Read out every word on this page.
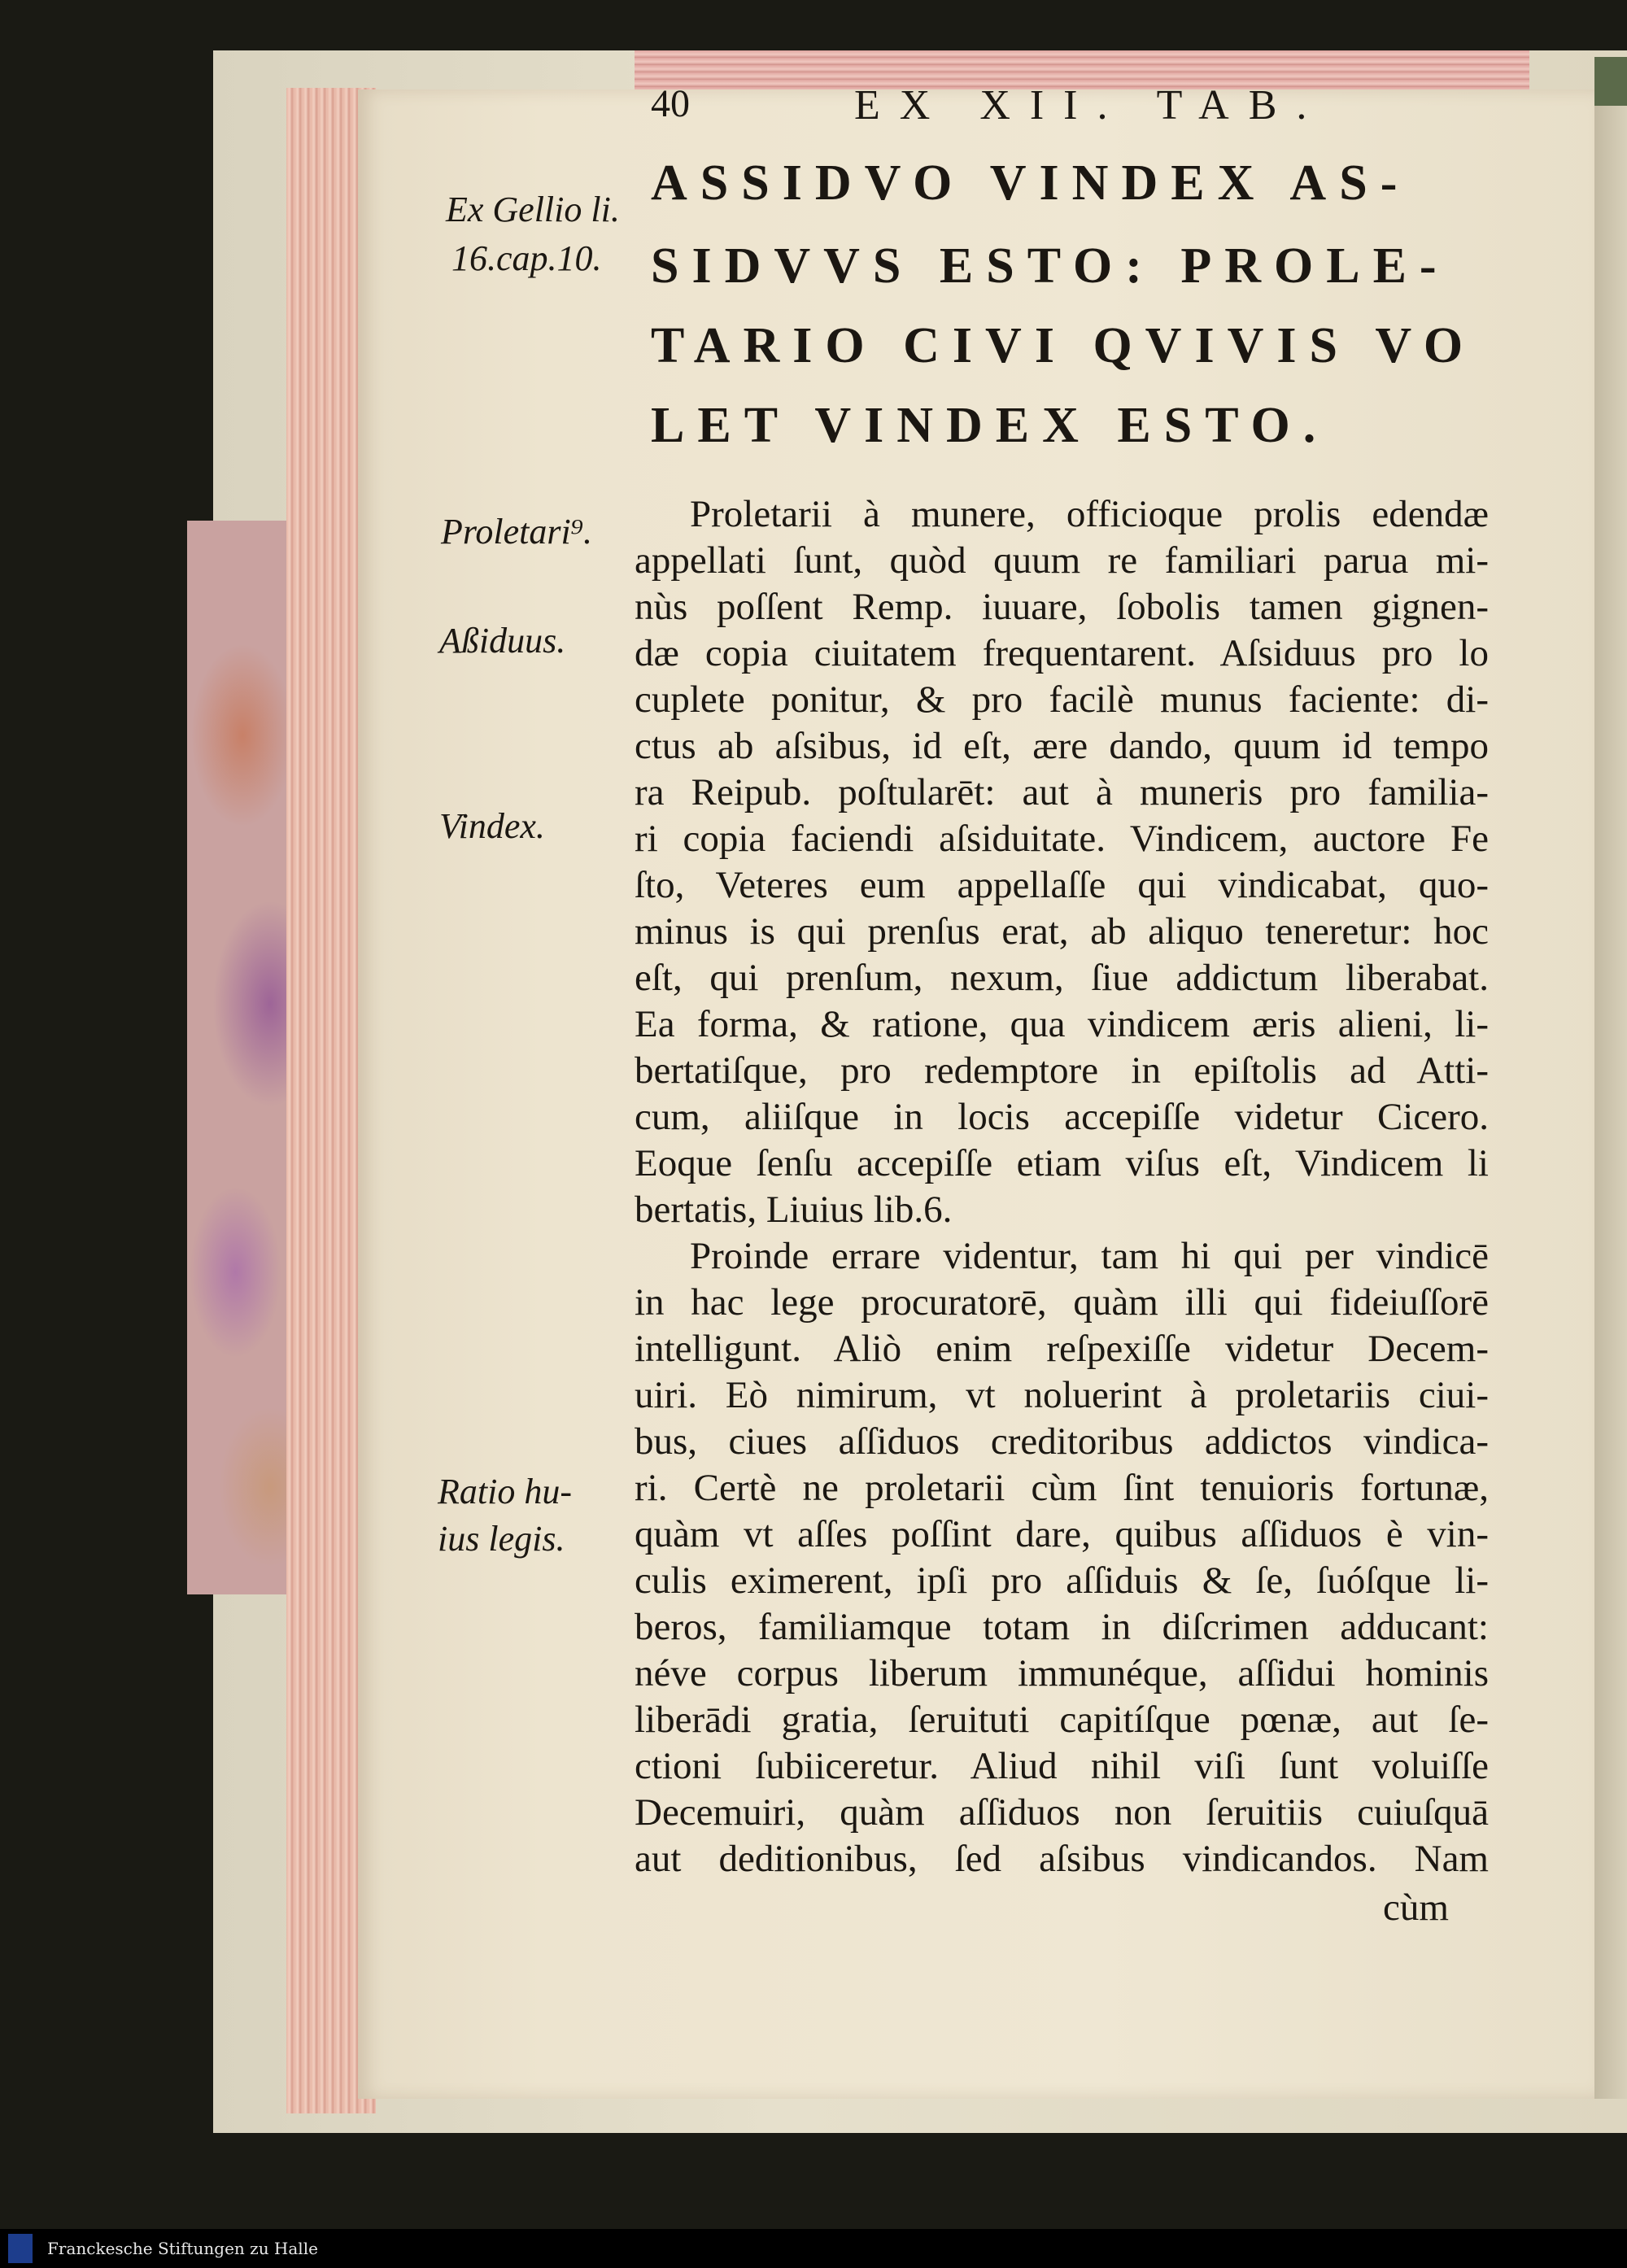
40	EX XII. TAB.
ASSIDVO VINDEX AS-
SIDVVS ESTO: PROLE-
TARIO CIVI QVIVIS VO
LET VINDEX ESTO.
Ex Gellio li.
16.cap.10.
Proletari⁹.
Aßiduus.
Vindex.
Ratio hu-
ius legis.
Proletarii à munere, officioque prolis edendæ
appellati ſunt, quòd quum re familiari parua mi-
nùs poſſent Remp. iuuare, ſobolis tamen gignen-
dæ copia ciuitatem frequentarent. Aſsiduus pro lo
cuplete ponitur, & pro facilè munus faciente: di-
ctus ab aſsibus, id eſt, ære dando, quum id tempo
ra Reipub. poſtularēt: aut à muneris pro familia-
ri copia faciendi aſsiduitate. Vindicem, auctore Fe
ſto, Veteres eum appellaſſe qui vindicabat, quo-
minus is qui prenſus erat, ab aliquo teneretur: hoc
eſt, qui prenſum, nexum, ſiue addictum liberabat.
Ea forma, & ratione, qua vindicem æris alieni, li-
bertatiſque, pro redemptore in epiſtolis ad Atti-
cum, aliiſque in locis accepiſſe videtur Cicero.
Eoque ſenſu accepiſſe etiam viſus eſt, Vindicem li
bertatis, Liuius lib.6.
Proinde errare videntur, tam hi qui per vindicē
in hac lege procuratorē, quàm illi qui fideiuſſorē
intelligunt. Aliò enim reſpexiſſe videtur Decem-
uiri. Eò nimirum, vt noluerint à proletariis ciui-
bus, ciues aſſiduos creditoribus addictos vindica-
ri. Certè ne proletarii cùm ſint tenuioris fortunæ,
quàm vt aſſes poſſint dare, quibus aſſiduos è vin-
culis eximerent, ipſi pro aſſiduis & ſe, ſuóſque li-
beros, familiamque totam in diſcrimen adducant:
néve corpus liberum immunéque, aſſidui hominis
liberādi gratia, ſeruituti capitíſque pœnæ, aut ſe-
ctioni ſubiiceretur. Aliud nihil viſi ſunt voluiſſe
Decemuiri, quàm aſſiduos non ſeruitiis cuiuſquā
aut deditionibus, ſed aſsibus vindicandos. Nam
cùm
Franckesche Stiftungen zu Halle
